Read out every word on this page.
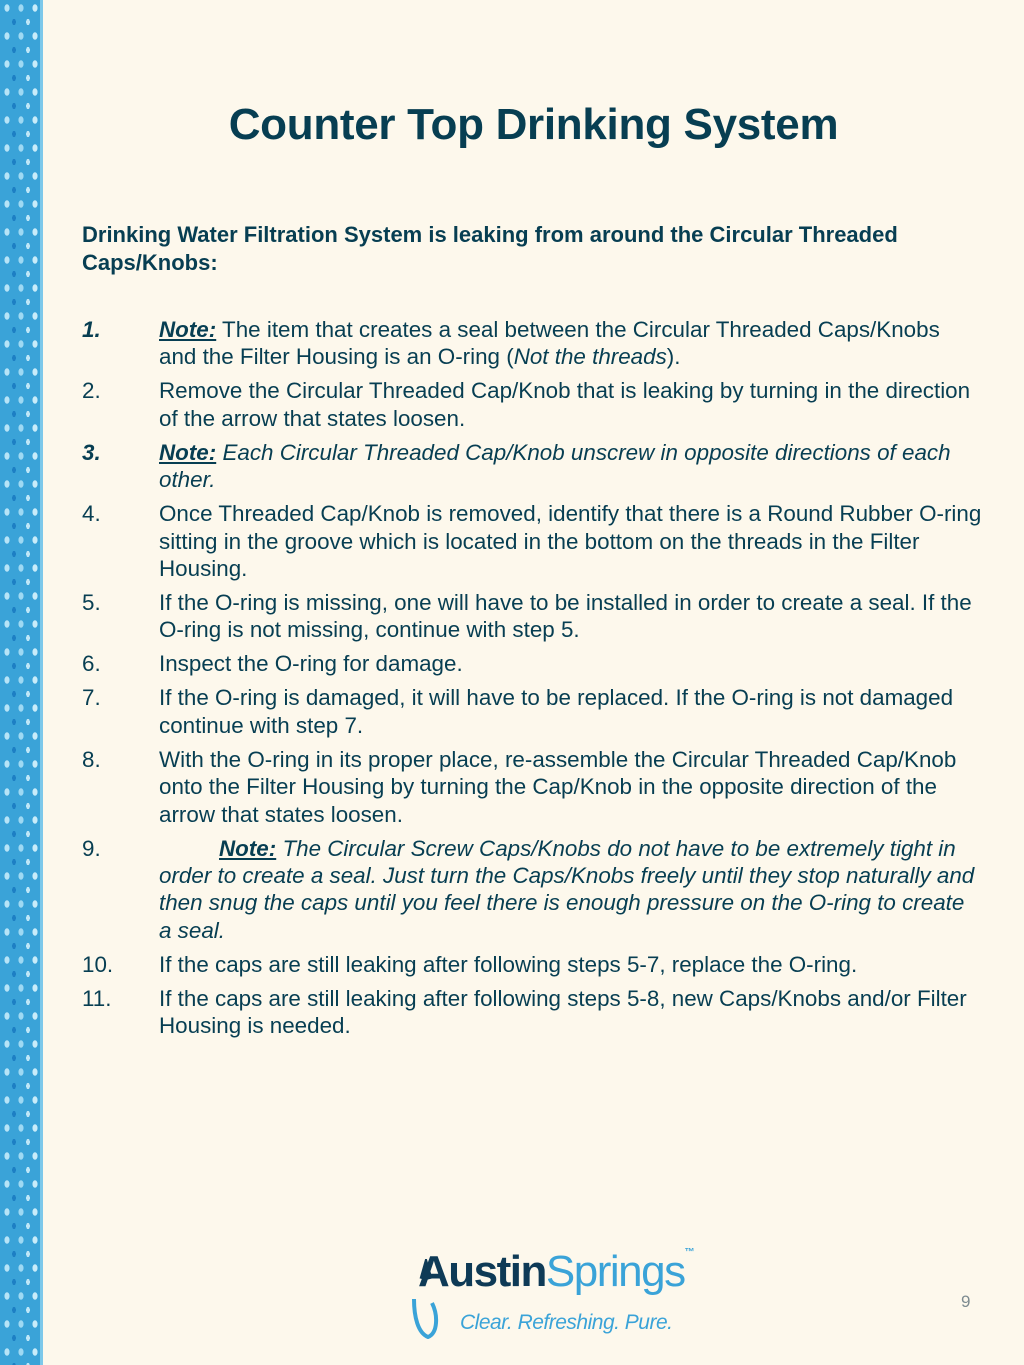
Counter Top Drinking System
Drinking Water Filtration System is leaking from around the Circular Threaded Caps/Knobs:
1.	Note: The item that creates a seal between the Circular Threaded Caps/Knobs and the Filter Housing is an O-ring (Not the threads).
2.	Remove the Circular Threaded Cap/Knob that is leaking by turning in the direction of the arrow that states loosen.
3.	Note: Each Circular Threaded Cap/Knob unscrew in opposite directions of each other.
4.	Once Threaded Cap/Knob is removed, identify that there is a Round Rubber O-ring sitting in the groove which is located in the bottom on the threads in the Filter Housing.
5.	If the O-ring is missing, one will have to be installed in order to create a seal. If the O-ring is not missing, continue with step 5.
6.	Inspect the O-ring for damage.
7.	If the O-ring is damaged, it will have to be replaced. If the O-ring is not damaged continue with step 7.
8.	With the O-ring in its proper place, re-assemble the Circular Threaded Cap/Knob onto the Filter Housing by turning the Cap/Knob in the opposite direction of the arrow that states loosen.
9.	Note: The Circular Screw Caps/Knobs do not have to be extremely tight in order to create a seal. Just turn the Caps/Knobs freely until they stop naturally and then snug the caps until you feel there is enough pressure on the O-ring to create a seal.
10. If the caps are still leaking after following steps 5-7, replace the O-ring.
11. If the caps are still leaking after following steps 5-8, new Caps/Knobs and/or Filter Housing is needed.
AustinSprings™
Clear. Refreshing. Pure.
9
